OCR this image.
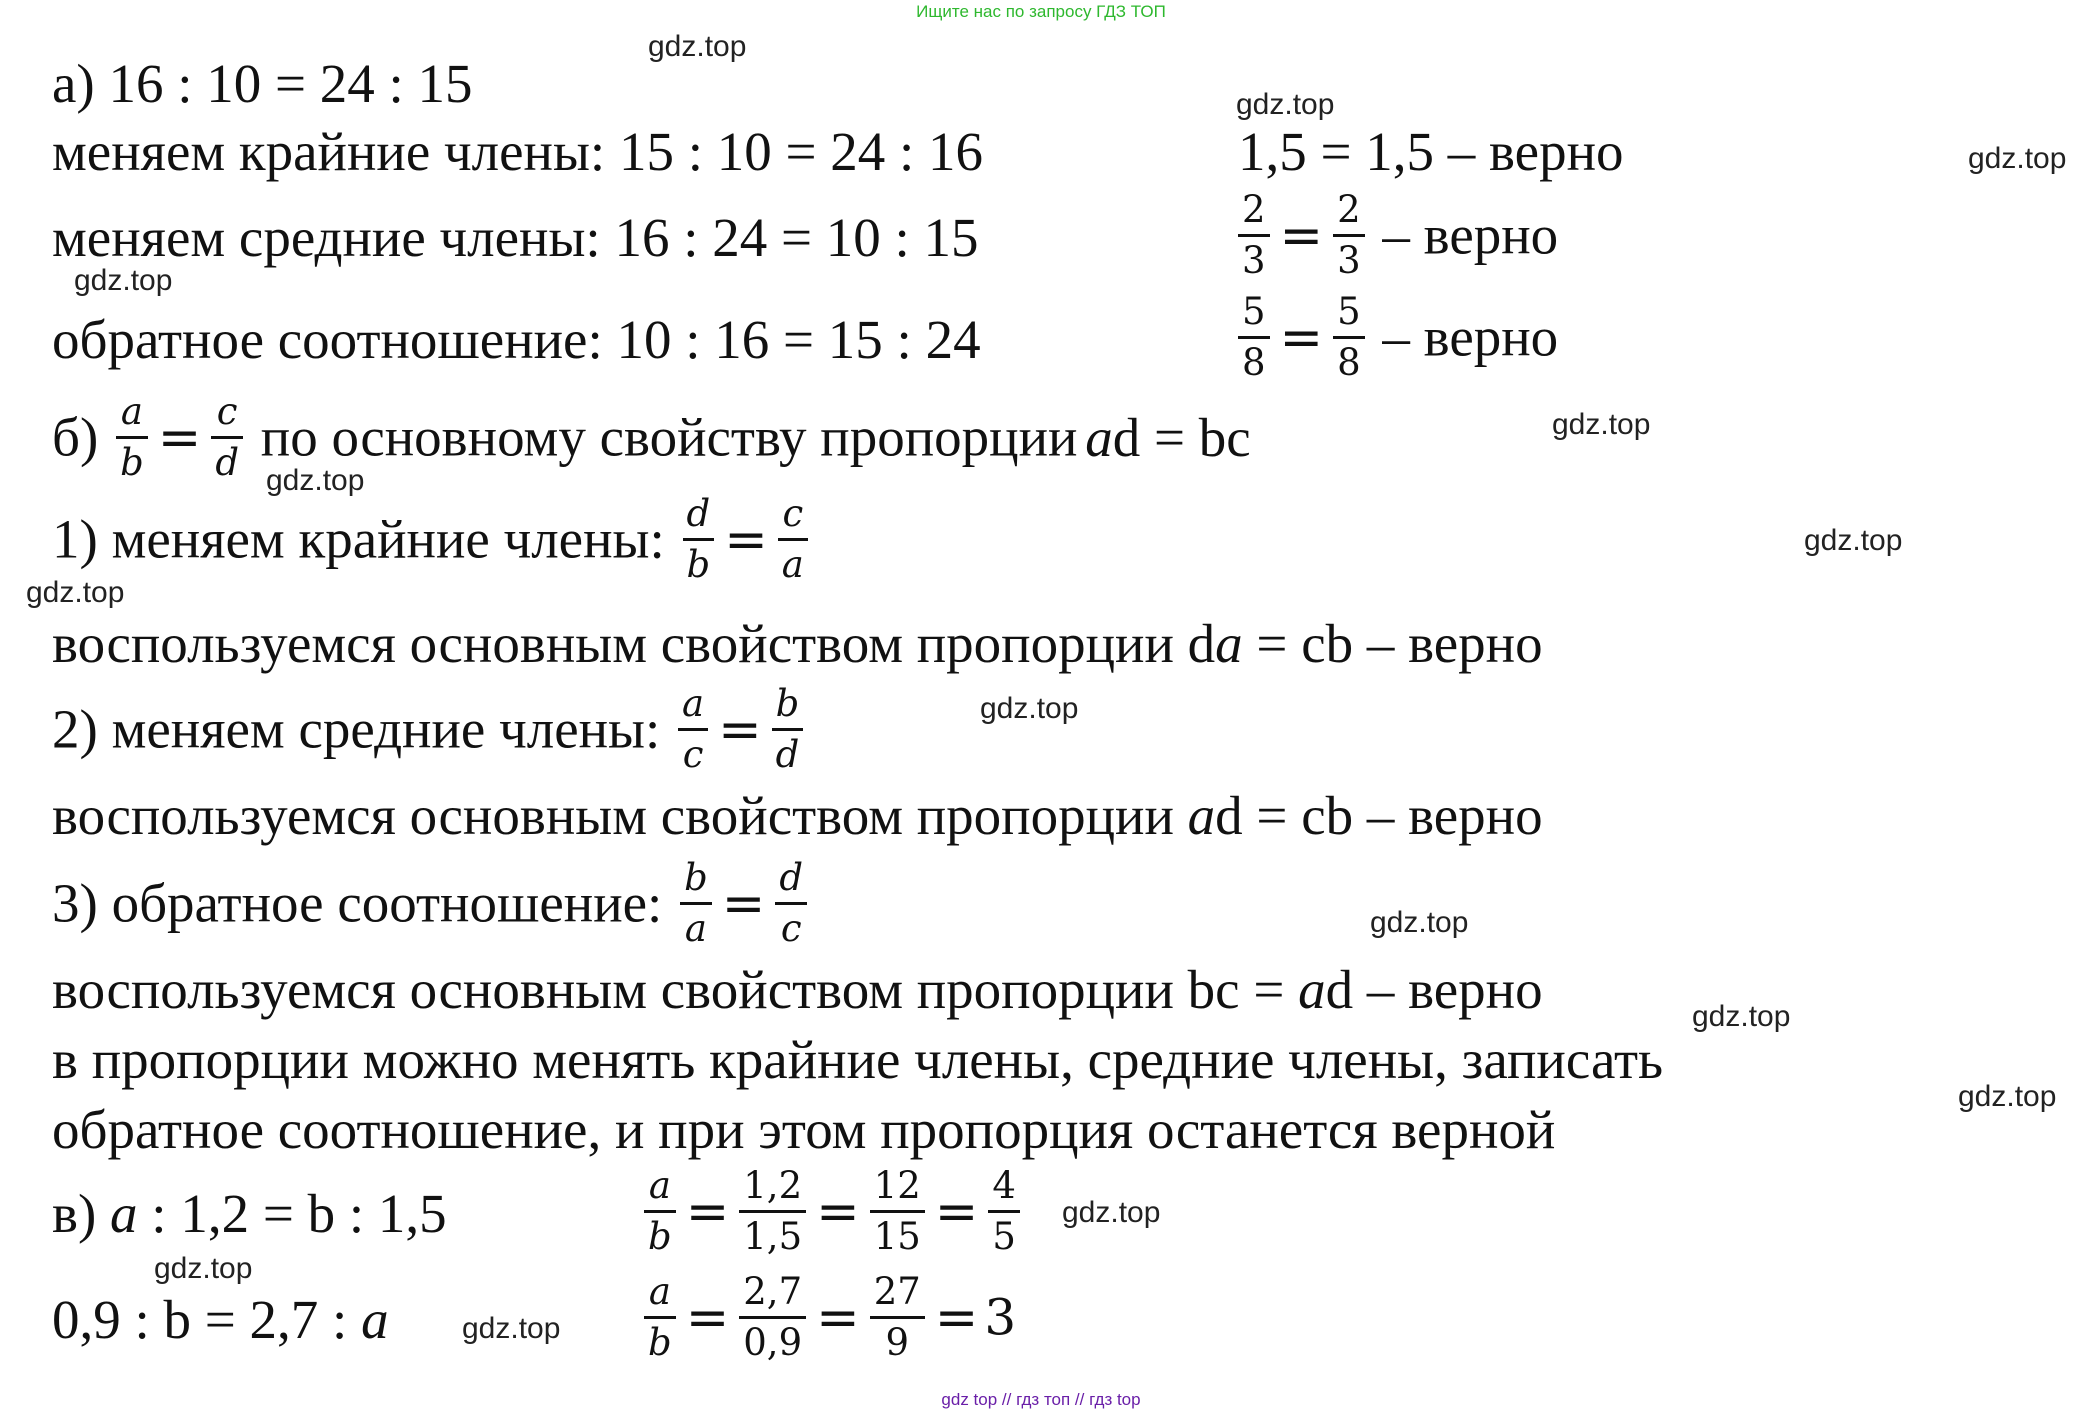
Ищите нас по запросу ГДЗ ТОП
а) 16 : 10 = 24 : 15
меняем крайние члены: 15 : 10 = 24 : 16	1,5 = 1,5 – верно
меняем средние члены: 16 : 24 = 10 : 15	$\frac{2}{3} = \frac{2}{3}$ – верно
обратное соотношение: 10 : 16 = 15 : 24	$\frac{5}{8} = \frac{5}{8}$ – верно
$б) \frac{a}{b} = \frac{c}{d}$ по основному свойству пропорции ad = bc
1) меняем крайние члены: $\frac{d}{b} = \frac{c}{a}$
воспользуемся основным свойством пропорции da = cb – верно
2) меняем средние члены: $\frac{a}{c} = \frac{b}{d}$
воспользуемся основным свойством пропорции ad = cb – верно
3) обратное соотношение: $\frac{b}{a} = \frac{d}{c}$
воспользуемся основным свойством пропорции bc = ad – верно
в пропорции можно менять крайние члены, средние члены, записать
обратное соотношение, и при этом пропорция останется верной
в) a : 1,2 = b : 1,5	$\frac{a}{b} = \frac{1,2}{1,5} = \frac{12}{15} = \frac{4}{5}$
0,9 : b = 2,7 : a	$\frac{a}{b} = \frac{2,7}{0,9} = \frac{27}{9} = 3$
gdz.top
gdz.top
gdz.top
gdz.top
gdz.top
gdz.top
gdz.top
gdz.top
gdz.top
gdz.top
gdz.top
gdz.top
gdz.top
gdz.top
gdz.top
gdz top // гдз топ // гдз top
